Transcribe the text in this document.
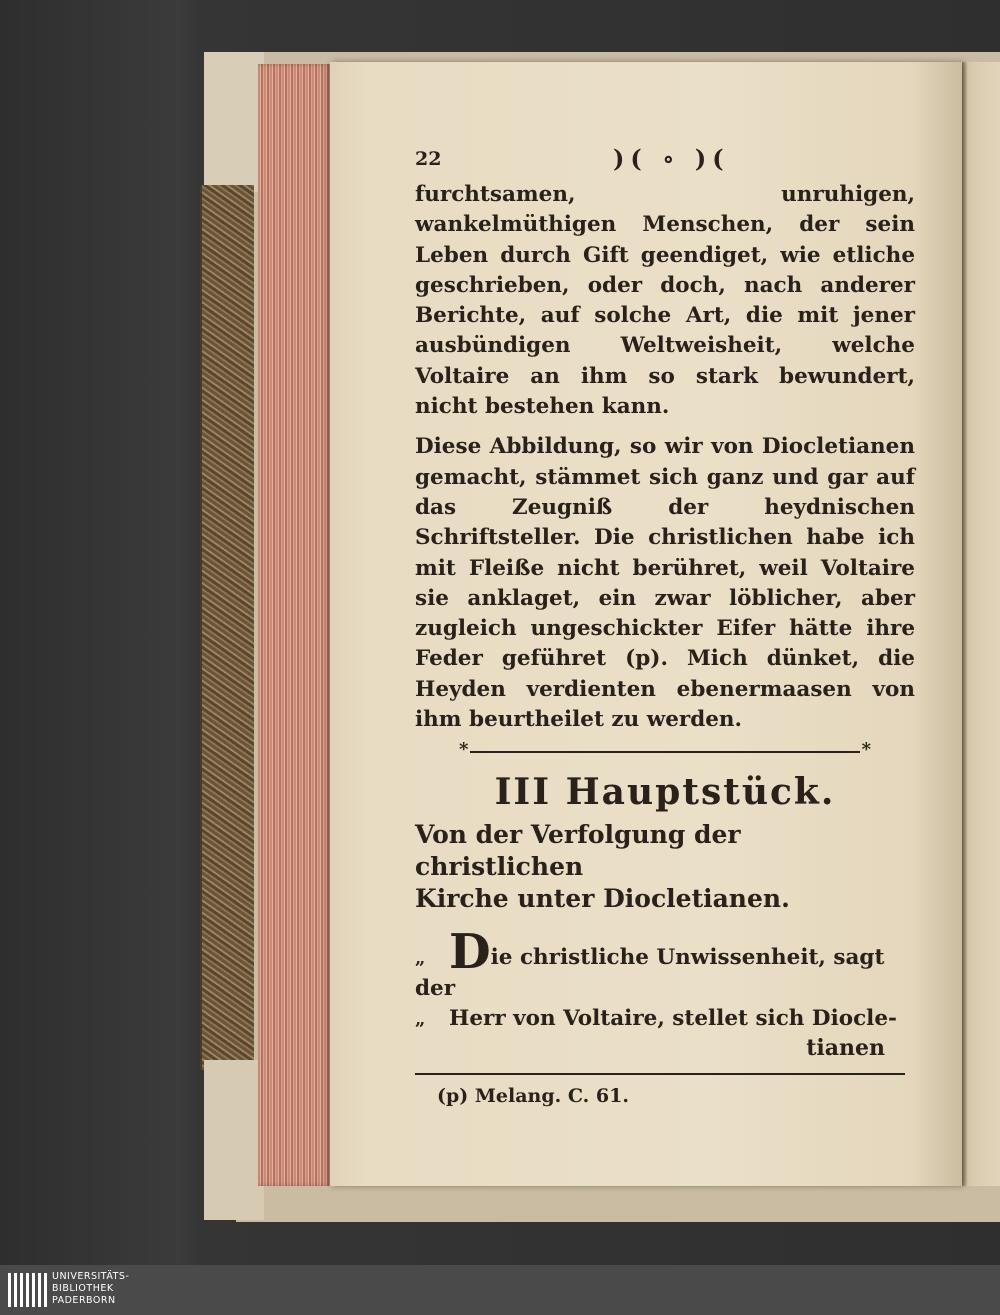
22	)( ∘ )(

furchtsamen, unruhigen, wankelmüthigen Menschen, der sein Leben durch Gift geendiget, wie etliche geschrieben, oder doch, nach anderer Berichte, auf solche Art, die mit jener ausbündigen Weltweisheit, welche Voltaire an ihm so stark bewundert, nicht bestehen kann.

Diese Abbildung, so wir von Diocletianen gemacht, stämmet sich ganz und gar auf das Zeugniß der heydnischen Schriftsteller. Die christlichen habe ich mit Fleiße nicht berühret, weil Voltaire sie anklaget, ein zwar löblicher, aber zugleich ungeschickter Eifer hätte ihre Feder geführet (p). Mich dünket, die Heyden verdienten ebenermaasen von ihm beurtheilet zu werden.

*	*
III Hauptstück.
Von der Verfolgung der christlichen
Kirche unter Diocletianen.
„ Die christliche Unwissenheit, sagt der
„ Herr von Voltaire, stellet sich Diocle-
tianen
(p) Melang. C. 61.
UNIVERSITÄTS-
BIBLIOTHEK
PADERBORN
